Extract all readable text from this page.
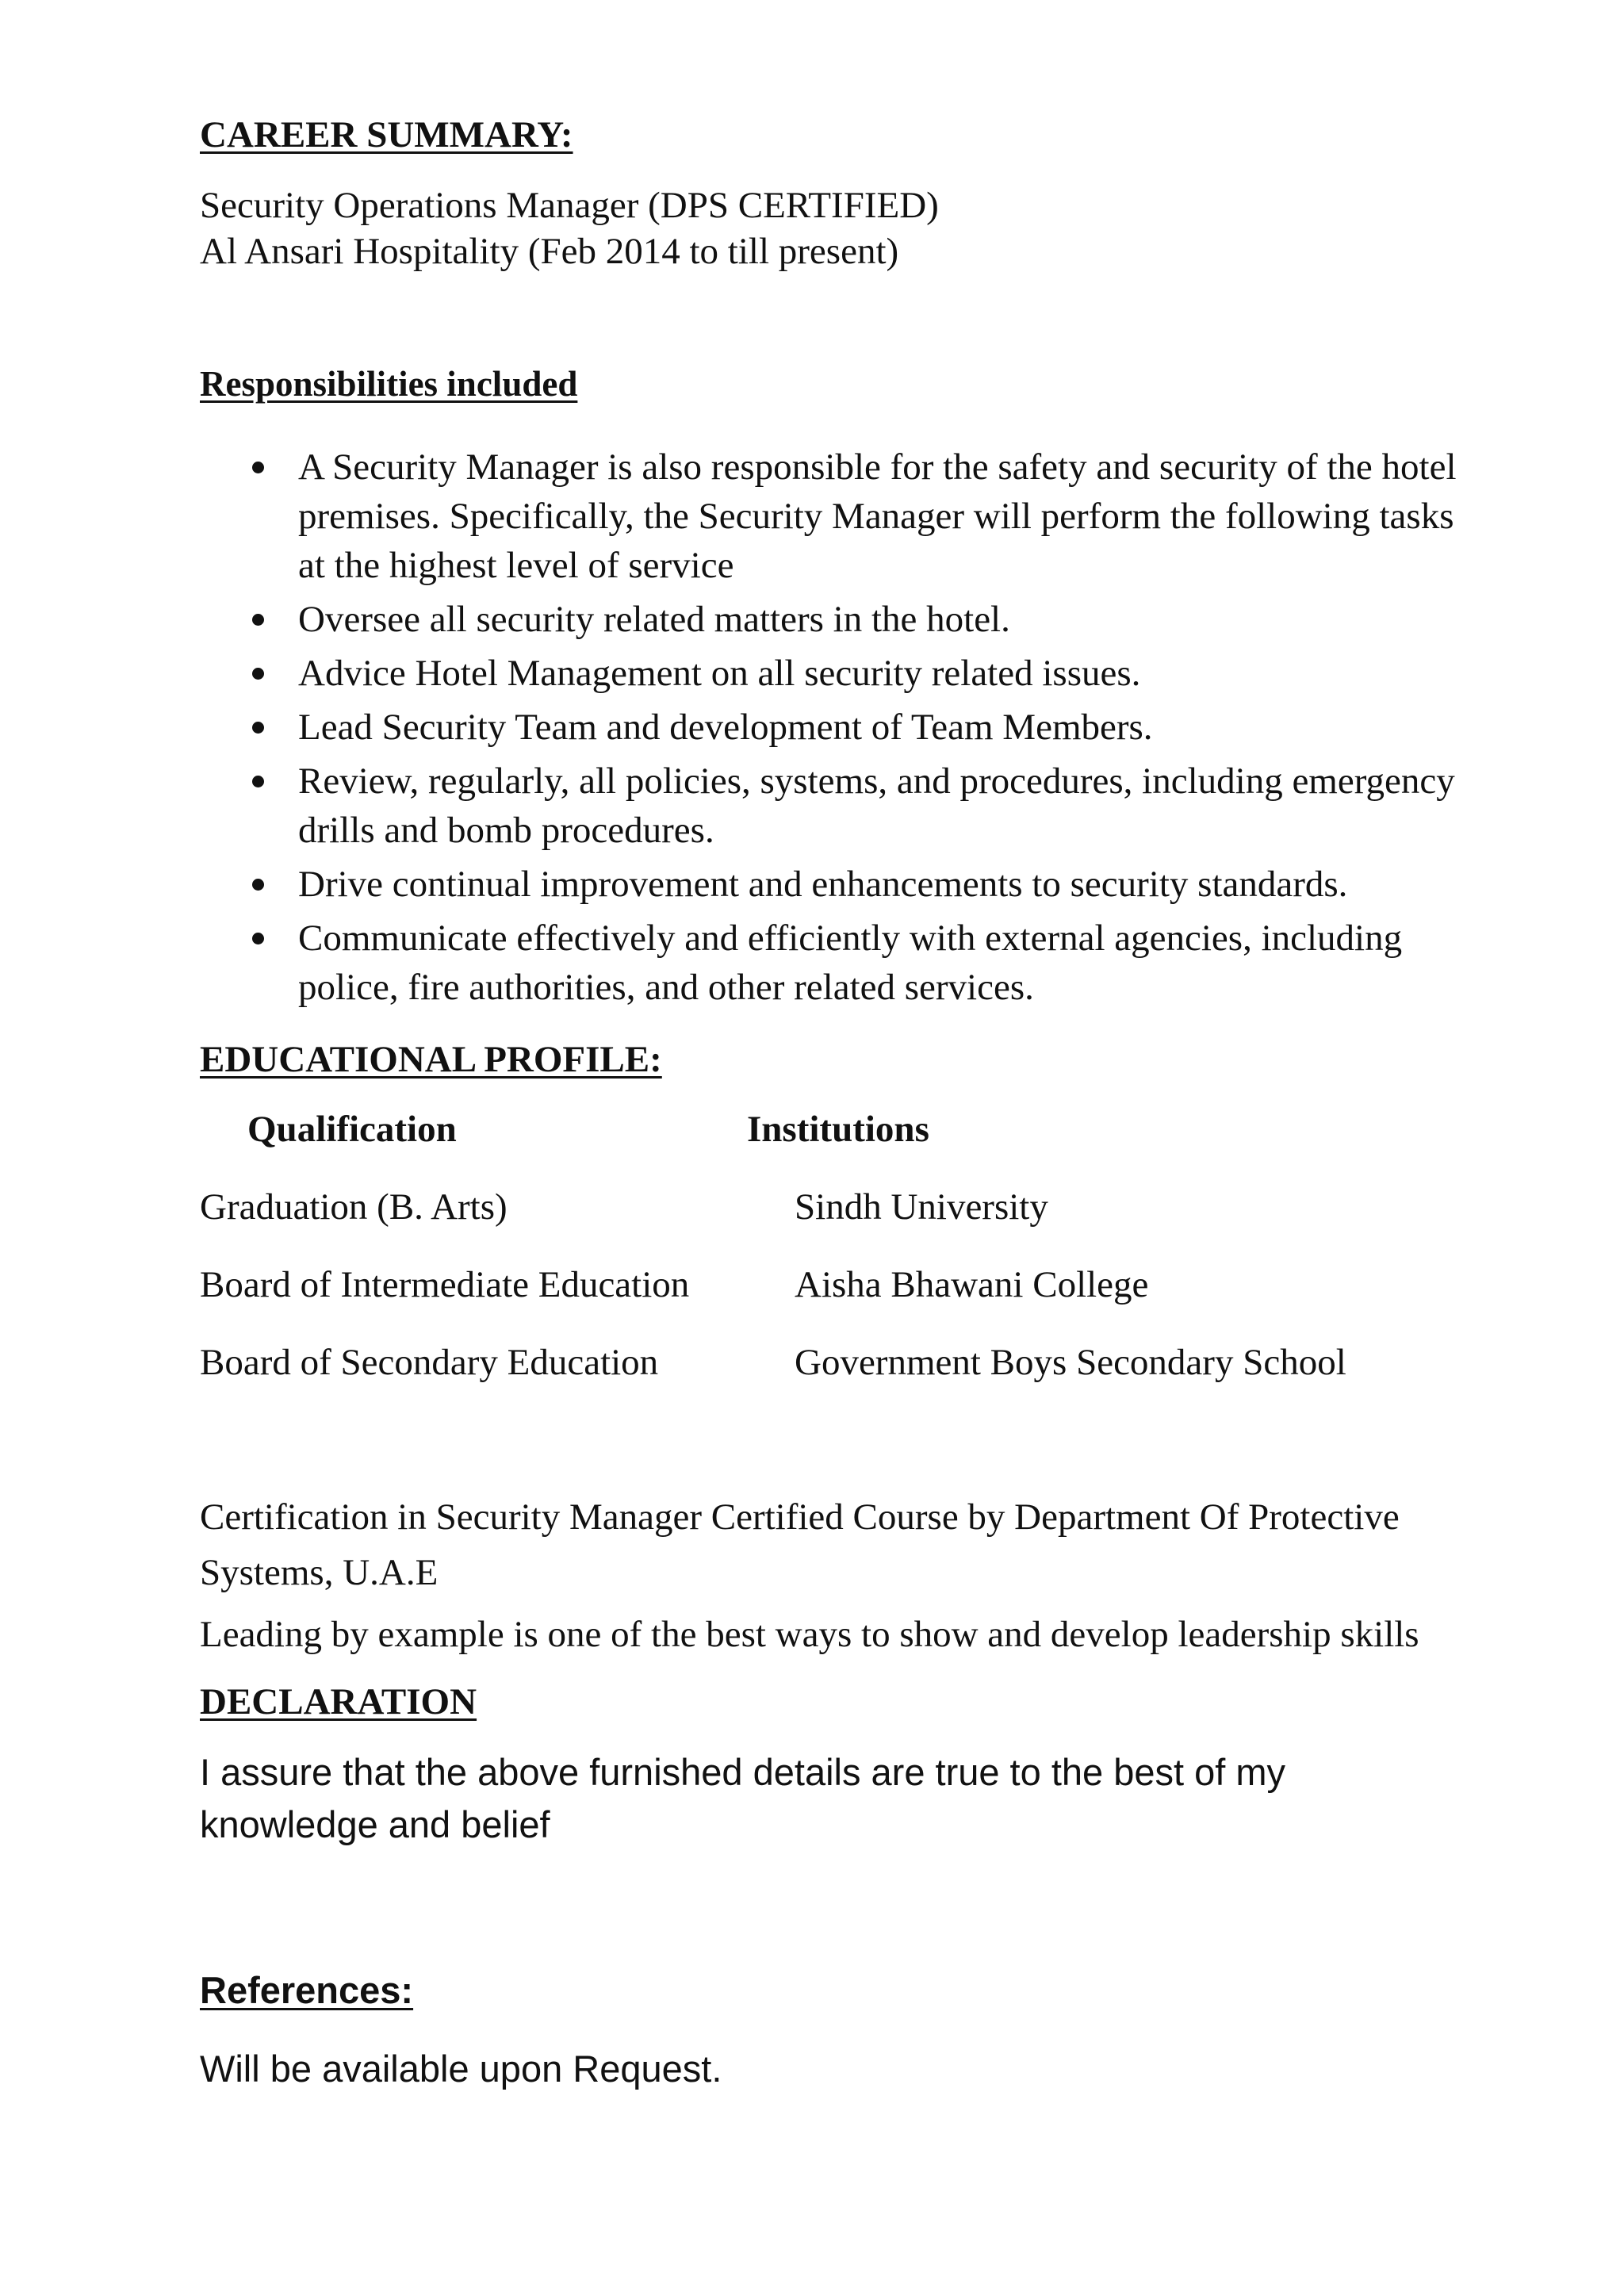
CAREER SUMMARY:

Security Operations Manager (DPS CERTIFIED)

Al Ansari Hospitality (Feb 2014 to till present)

Responsibilities included
A Security Manager is also responsible for the safety and security of the hotel premises. Specifically, the Security Manager will perform the following tasks at the highest level of service
Oversee all security related matters in the hotel.
Advice Hotel Management on all security related issues.
Lead Security Team and development of Team Members.
Review, regularly, all policies, systems, and procedures, including emergency drills and bomb procedures.
Drive continual improvement and enhancements to security standards.
Communicate effectively and efficiently with external agencies, including police, fire authorities, and other related services.
EDUCATIONAL PROFILE:
Qualification	Institutions
Graduation (B. Arts)	Sindh University
Board of Intermediate Education	Aisha Bhawani College
Board of Secondary Education	Government Boys Secondary School

Certification in Security Manager Certified Course by Department Of Protective Systems, U.A.E

Leading by example is one of the best ways to show and develop leadership skills

DECLARATION

I assure that the above furnished details are true to the best of my knowledge and belief

References:

Will be available upon Request.
